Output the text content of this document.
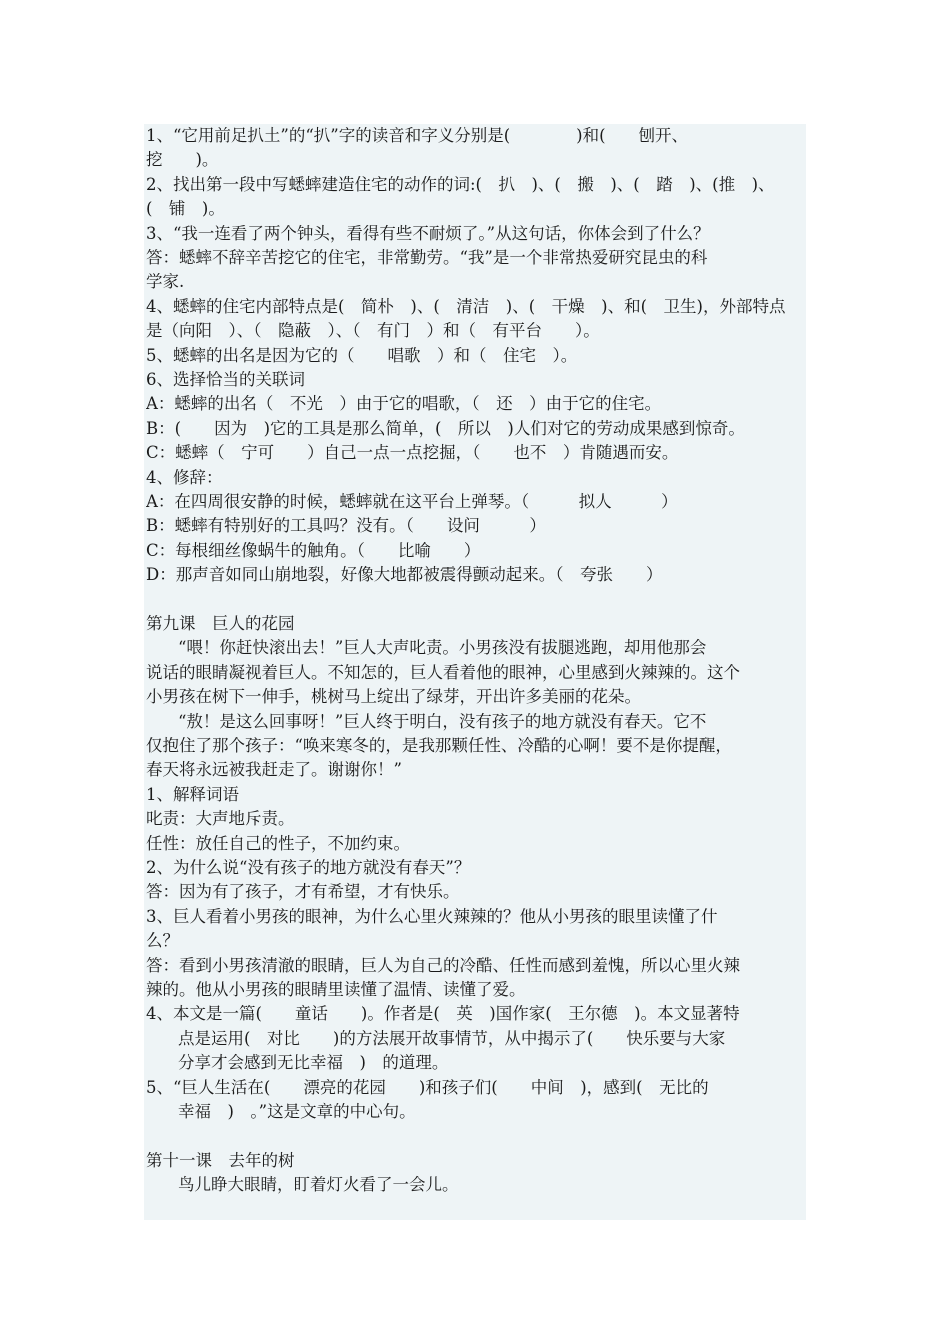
1、“它用前足扒土”的“扒”字的读音和字义分别是(　　　　)和(　　刨开、
挖　　)。
2、找出第一段中写蟋蟀建造住宅的动作的词:(　扒　)、(　搬　)、(　踏　)、(推　)、
(　铺　)。
3、“我一连看了两个钟头，看得有些不耐烦了。”从这句话，你体会到了什么？
答：蟋蟀不辞辛苦挖它的住宅，非常勤劳。“我”是一个非常热爱研究昆虫的科
学家.
4、蟋蟀的住宅内部特点是(　简朴　)、(　清洁　)、(　干燥　)、和(　卫生)，外部特点
是（向阳　）、（　隐蔽　）、（　有门　）和（　有平台　　）。
5、蟋蟀的出名是因为它的（　　唱歌　）和（　住宅　）。
6、选择恰当的关联词
A：蟋蟀的出名（　不光　）由于它的唱歌，（　还　）由于它的住宅。
B：(　　因为　)它的工具是那么简单，(　所以　)人们对它的劳动成果感到惊奇。
C：蟋蟀（　宁可　　）自己一点一点挖掘，（　　也不　）肯随遇而安。
4、修辞：
A：在四周很安静的时候，蟋蟀就在这平台上弹琴。（　　　拟人　　　）
B：蟋蟀有特别好的工具吗？没有。（　　设问　　　）
C：每根细丝像蜗牛的触角。（　　比喻　　）
D：那声音如同山崩地裂，好像大地都被震得颤动起来。（　夸张　　）
第九课　巨人的花园
“喂！你赶快滚出去！”巨人大声叱责。小男孩没有拔腿逃跑，却用他那会
说话的眼睛凝视着巨人。不知怎的，巨人看着他的眼神，心里感到火辣辣的。这个
小男孩在树下一伸手，桃树马上绽出了绿芽，开出许多美丽的花朵。
“敖！是这么回事呀！”巨人终于明白，没有孩子的地方就没有春天。它不
仅抱住了那个孩子：“唤来寒冬的，是我那颗任性、冷酷的心啊！要不是你提醒，
春天将永远被我赶走了。谢谢你！”
1、解释词语
叱责：大声地斥责。
任性：放任自己的性子，不加约束。
2、为什么说“没有孩子的地方就没有春天”？
答：因为有了孩子，才有希望，才有快乐。
3、巨人看着小男孩的眼神，为什么心里火辣辣的？他从小男孩的眼里读懂了什
么？
答：看到小男孩清澈的眼睛，巨人为自己的冷酷、任性而感到羞愧，所以心里火辣
辣的。他从小男孩的眼睛里读懂了温情、读懂了爱。
4、本文是一篇(　　童话　　)。作者是(　英　)国作家(　王尔德　)。本文显著特
点是运用(　对比　　)的方法展开故事情节，从中揭示了(　　快乐要与大家
分享才会感到无比幸福　)　的道理。
5、“巨人生活在(　　漂亮的花园　　)和孩子们(　　中间　)，感到(　无比的
幸福　)　。”这是文章的中心句。
第十一课　去年的树
鸟儿睁大眼睛，盯着灯火看了一会儿。
